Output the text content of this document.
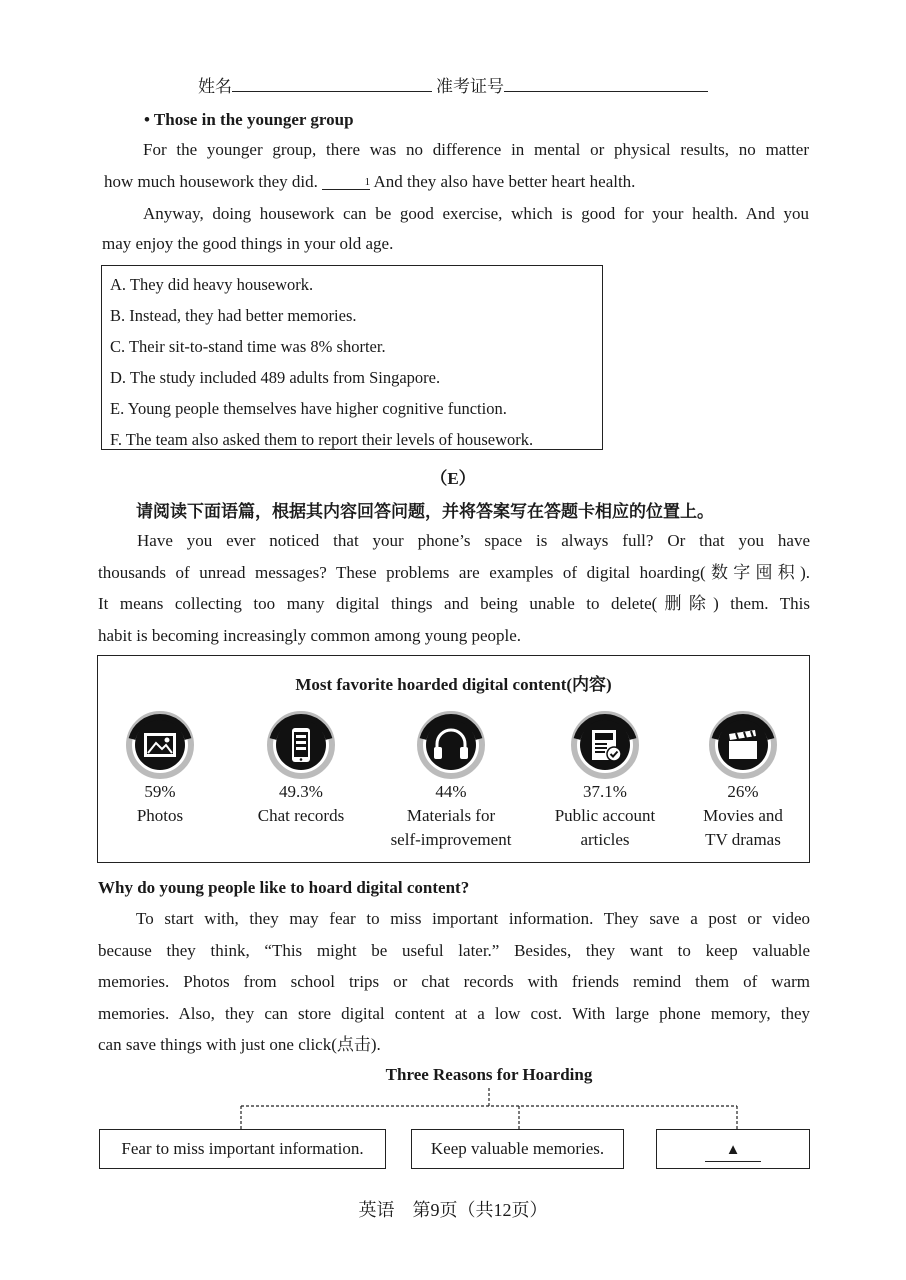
姓名	准考证号
• Those in the younger group
For the younger group, there was no difference in mental or physical results, no matter
how much housework they did.	1 And they also have better heart health.
Anyway, doing housework can be good exercise, which is good for your health. And you
may enjoy the good things in your old age.
A. They did heavy housework.
B. Instead, they had better memories.
C. Their sit-to-stand time was 8% shorter.
D. The study included 489 adults from Singapore.
E. Young people themselves have higher cognitive function.
F. The team also asked them to report their levels of housework.
（E）
请阅读下面语篇，根据其内容回答问题，并将答案写在答题卡相应的位置上。
Have you ever noticed that your phone’s space is always full? Or that you have
thousands of unread messages? These problems are examples of digital hoarding(数字囤积).
It means collecting too many digital things and being unable to delete(删除) them. This
habit is becoming increasingly common among young people.
Most favorite hoarded digital content(内容)
59%
Photos
49.3%
Chat records
44%
Materials for
self-improvement
37.1%
Public account
articles
26%
Movies and
TV dramas
Why do young people like to hoard digital content?
To start with, they may fear to miss important information. They save a post or video
because they think, “This might be useful later.” Besides, they want to keep valuable
memories. Photos from school trips or chat records with friends remind them of warm
memories. Also, they can store digital content at a low cost. With large phone memory, they
can save things with just one click(点击).
Three Reasons for Hoarding
Fear to miss important information.	Keep valuable memories.	▲
英语　第9页（共12页）
